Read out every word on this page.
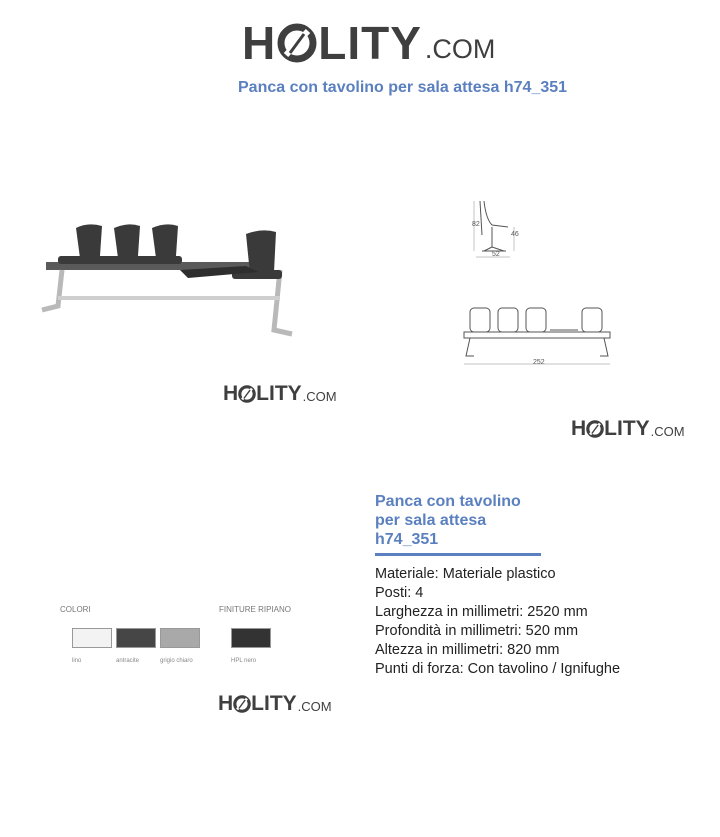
H LITY .COM
Panca con tavolino per sala attesa h74_351
82
46
52
252
H LITY .COM
H LITY .COM
Panca con tavolino
per sala attesa
h74_351
Materiale: Materiale plastico
Posti: 4
Larghezza in millimetri: 2520 mm
Profondità in millimetri: 520 mm
Altezza in millimetri: 820 mm
Punti di forza: Con tavolino / Ignifughe
COLORI	FINITURE RIPIANO
lino	antracite	grigio chiaro	HPL nero
H LITY .COM
